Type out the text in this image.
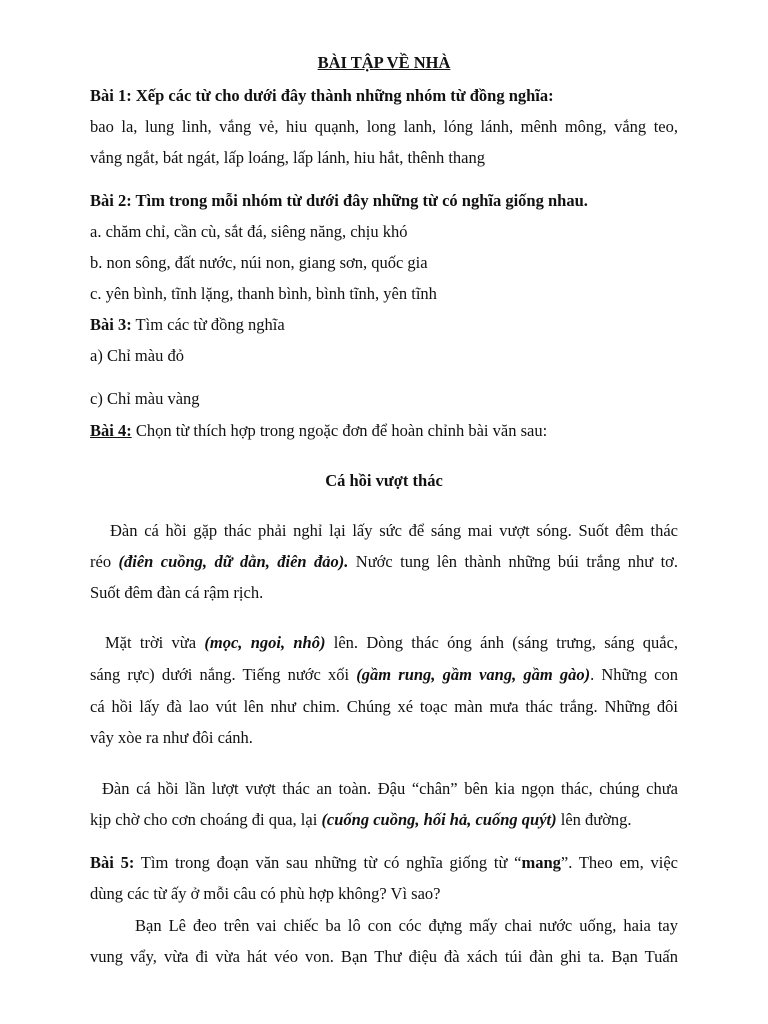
BÀI TẬP VỀ NHÀ
Bài 1: Xếp các từ cho dưới đây thành những nhóm từ đồng nghĩa:
bao la, lung linh, vắng vẻ, hiu quạnh, long lanh, lóng lánh, mênh mông, vắng teo,
vắng ngắt, bát ngát, lấp loáng, lấp lánh, hiu hắt, thênh thang
Bài 2: Tìm trong mỗi nhóm từ dưới đây những từ có nghĩa giống nhau.
a. chăm chỉ, cần cù, sắt đá, siêng năng, chịu khó
b. non sông, đất nước, núi non, giang sơn, quốc gia
c. yên bình, tĩnh lặng, thanh bình, bình tĩnh, yên tĩnh
Bài 3: Tìm các từ đồng nghĩa
a) Chỉ màu đỏ
c) Chỉ màu vàng
Bài 4: Chọn từ thích hợp trong ngoặc đơn để hoàn chỉnh bài văn sau:
Cá hồi vượt thác
Đàn cá hồi gặp thác phải nghỉ lại lấy sức để sáng mai vượt sóng. Suốt đêm thác
réo (điên cuồng, dữ dằn, điên đảo). Nước tung lên thành những búi trắng như tơ.
Suốt đêm đàn cá rậm rịch.
Mặt trời vừa (mọc, ngoi, nhô) lên. Dòng thác óng ánh (sáng trưng, sáng quắc,
sáng rực) dưới nắng. Tiếng nước xối (gầm rung, gầm vang, gầm gào). Những con
cá hồi lấy đà lao vút lên như chim. Chúng xé toạc màn mưa thác trắng. Những đôi
vây xòe ra như đôi cánh.
Đàn cá hồi lần lượt vượt thác an toàn. Đậu “chân” bên kia ngọn thác, chúng chưa
kịp chờ cho cơn choáng đi qua, lại (cuống cuồng, hối hả, cuống quýt) lên đường.
Bài 5: Tìm trong đoạn văn sau những từ có nghĩa giống từ “mang”. Theo em, việc
dùng các từ ấy ở mỗi câu có phù hợp không? Vì sao?
Bạn Lê đeo trên vai chiếc ba lô con cóc đựng mấy chai nước uống, haia tay
vung vẩy, vừa đi vừa hát véo von. Bạn Thư điệu đà xách túi đàn ghi ta. Bạn Tuấn
